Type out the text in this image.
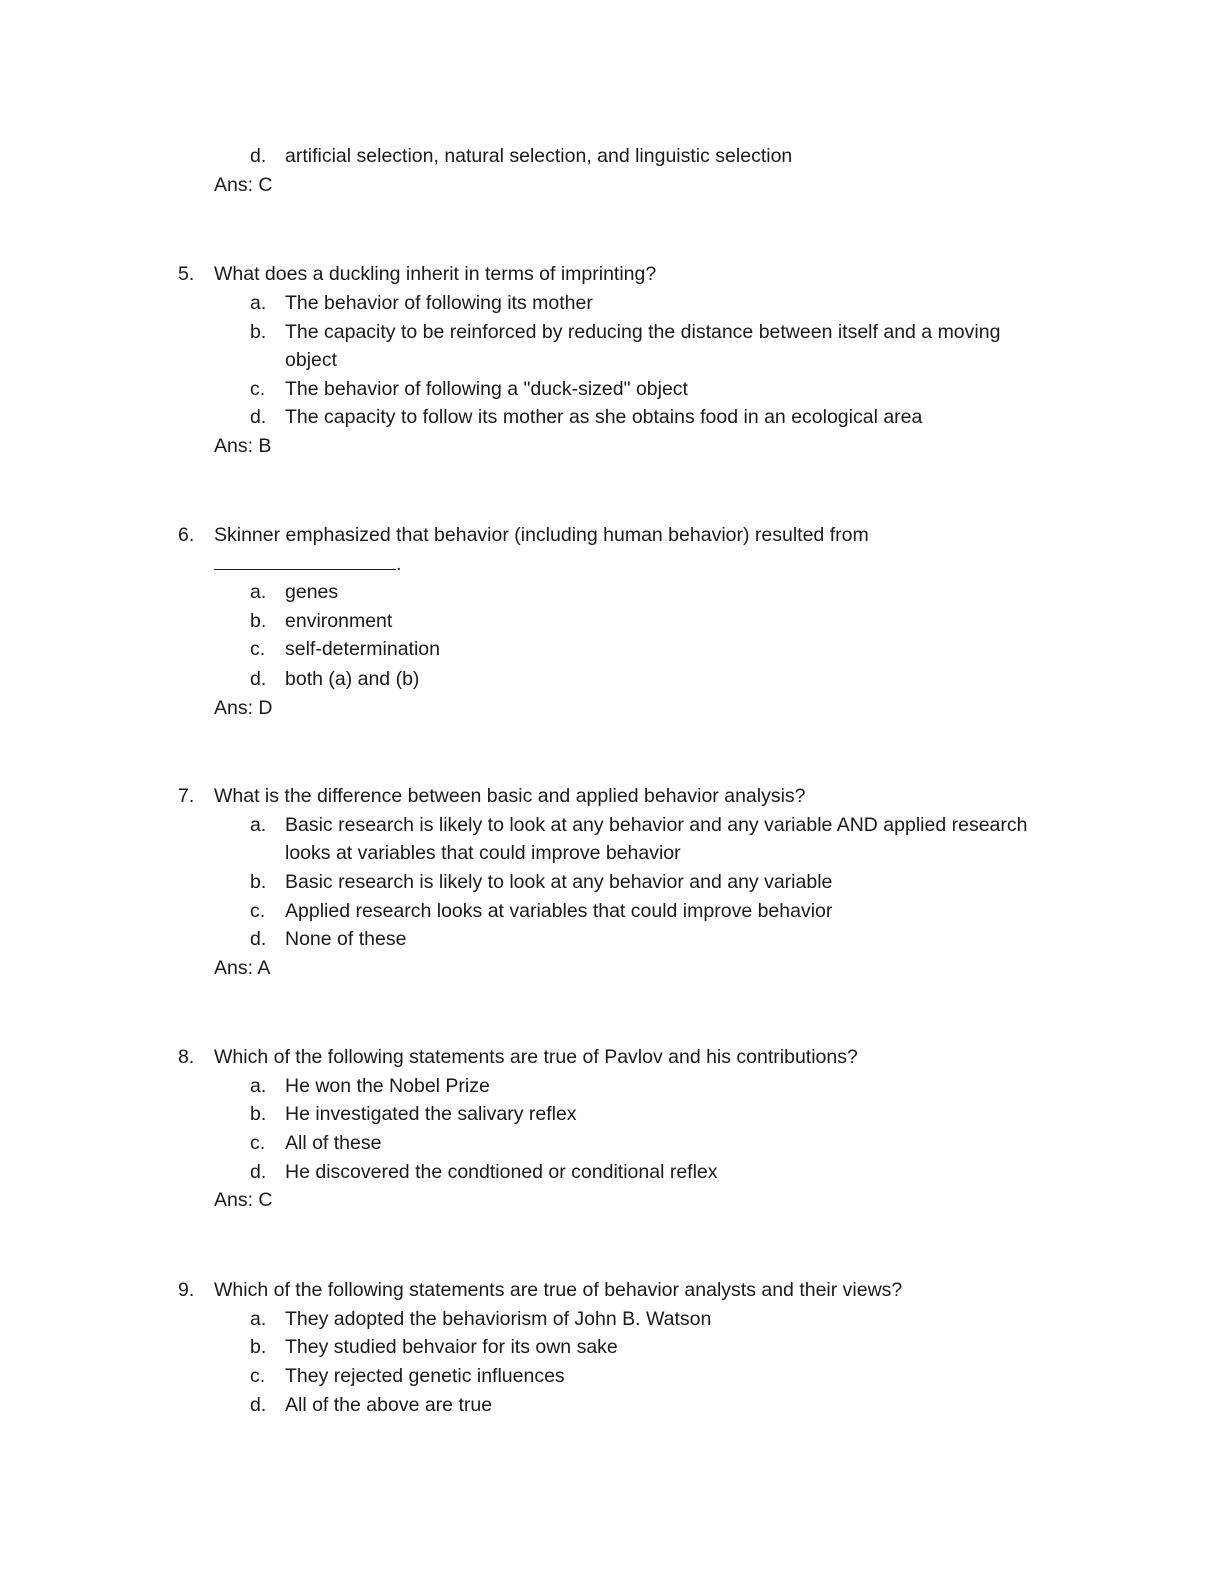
d. artificial selection, natural selection, and linguistic selection
Ans: C
5.	What does a duckling inherit in terms of imprinting?
a. The behavior of following its mother
b. The capacity to be reinforced by reducing the distance between itself and a moving
object
c.	The behavior of following a "duck-sized" object
d. The capacity to follow its mother as she obtains food in an ecological area
Ans: B
6.	Skinner emphasized that behavior (including human behavior) resulted from
.
a. genes
b. environment
c.	self-determination
d. both (a) and (b)
Ans: D
7.	What is the difference between basic and applied behavior analysis?
a. Basic research is likely to look at any behavior and any variable AND applied research
looks at variables that could improve behavior
b. Basic research is likely to look at any behavior and any variable
c.	Applied research looks at variables that could improve behavior
d. None of these
Ans: A
8.	Which of the following statements are true of Pavlov and his contributions?
a. He won the Nobel Prize
b. He investigated the salivary reflex
c.	All of these
d. He discovered the condtioned or conditional reflex
Ans: C
9.	Which of the following statements are true of behavior analysts and their views?
a. They adopted the behaviorism of John B. Watson
b. They studied behvaior for its own sake
c.	They rejected genetic influences
d. All of the above are true
